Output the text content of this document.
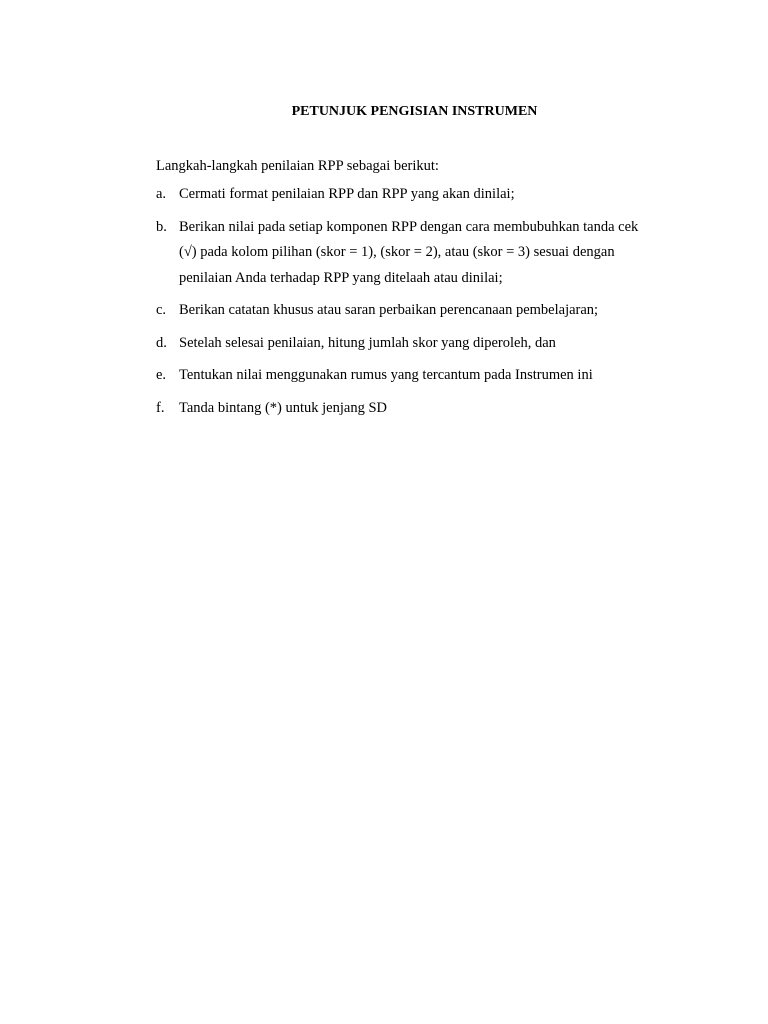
PETUNJUK PENGISIAN INSTRUMEN

Langkah-langkah penilaian RPP sebagai berikut:

a. Cermati format penilaian RPP dan RPP yang akan dinilai;
b. Berikan nilai pada setiap komponen RPP dengan cara membubuhkan tanda cek
(√) pada kolom pilihan (skor = 1), (skor = 2), atau (skor = 3) sesuai dengan
penilaian Anda terhadap RPP yang ditelaah atau dinilai;
c. Berikan catatan khusus atau saran perbaikan perencanaan pembelajaran;
d. Setelah selesai penilaian, hitung jumlah skor yang diperoleh, dan
e. Tentukan nilai menggunakan rumus yang tercantum pada Instrumen ini
f.	Tanda bintang (*) untuk jenjang SD
